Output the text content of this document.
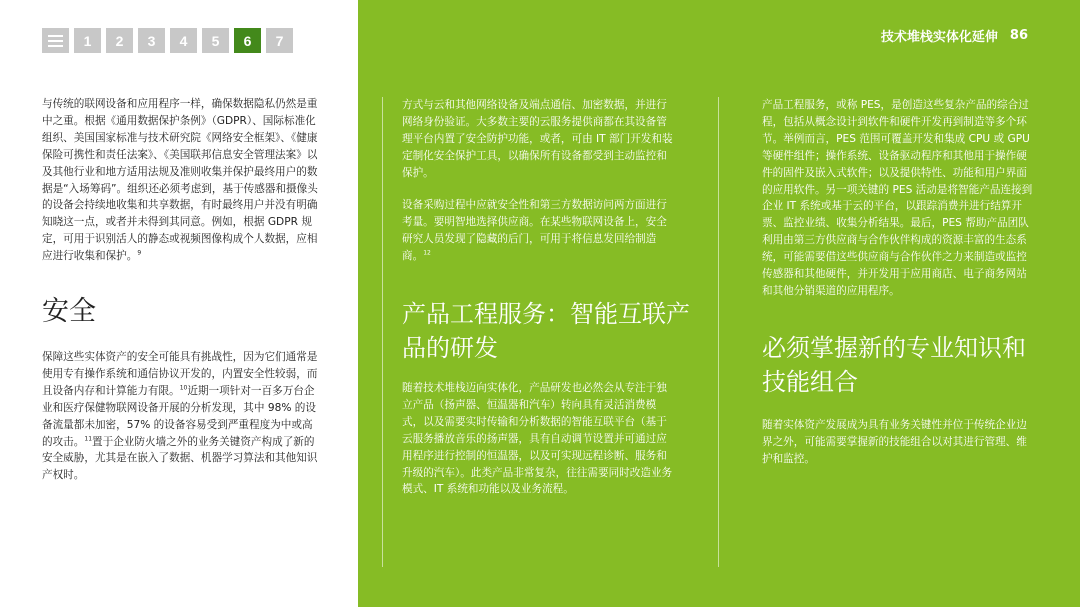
1	2	3	4	5	6	7	技术堆栈实体化延伸 86

与传统的联网设备和应用程序一样，确保数据隐私仍然是重中之重。根据《通用数据保护条例》（GDPR）、国际标准化组织、美国国家标准与技术研究院《网络安全框架》、《健康保险可携性和责任法案》、《美国联邦信息安全管理法案》以及其他行业和地方适用法规及准则收集并保护最终用户的数据是“入场筹码”。组织还必须考虑到，基于传感器和摄像头的设备会持续地收集和共享数据，有时最终用户并没有明确知晓这一点，或者并未得到其同意。例如，根据 GDPR 规定，可用于识别活人的静态或视频图像构成个人数据，应相应进行收集和保护。$^9$

安全

保障这些实体资产的安全可能具有挑战性，因为它们通常是使用专有操作系统和通信协议开发的，内置安全性较弱，而且设备内存和计算能力有限。$^{10}$近期一项针对一百多万台企业和医疗保健物联网设备开展的分析发现，其中 98% 的设备流量都未加密，57% 的设备容易受到严重程度为中或高的攻击。$^{11}$置于企业防火墙之外的业务关键资产构成了新的安全威胁，尤其是在嵌入了数据、机器学习算法和其他知识产权时。

方式与云和其他网络设备及端点通信、加密数据，并进行网络身份验证。大多数主要的云服务提供商都在其设备管理平台内置了安全防护功能，或者，可由 IT 部门开发和装定制化安全保护工具，以确保所有设备都受到主动监控和保护。

设备采购过程中应就安全性和第三方数据访问两方面进行考量。要明智地选择供应商。在某些物联网设备上，安全研究人员发现了隐藏的后门，可用于将信息发回给制造商。$^{12}$

产品工程服务：智能互联产品的研发

随着技术堆栈迈向实体化，产品研发也必然会从专注于独立产品（扬声器、恒温器和汽车）转向具有灵活消费模式，以及需要实时传输和分析数据的智能互联平台（基于云服务播放音乐的扬声器，具有自动调节设置并可通过应用程序进行控制的恒温器，以及可实现远程诊断、服务和升级的汽车）。此类产品非常复杂，往往需要同时改造业务模式、IT 系统和功能以及业务流程。

产品工程服务，或称 PES，是创造这些复杂产品的综合过程，包括从概念设计到软件和硬件开发再到制造等多个环节。举例而言，PES 范围可覆盖开发和集成 CPU 或 GPU 等硬件组件；操作系统、设备驱动程序和其他用于操作硬件的固件及嵌入式软件；以及提供特性、功能和用户界面的应用软件。另一项关键的 PES 活动是将智能产品连接到企业 IT 系统或基于云的平台，以跟踪消费并进行结算开票、监控业绩、收集分析结果。最后，PES 帮助产品团队利用由第三方供应商与合作伙伴构成的资源丰富的生态系统，可能需要借这些供应商与合作伙伴之力来制造或监控传感器和其他硬件，并开发用于应用商店、电子商务网站和其他分销渠道的应用程序。

必须掌握新的专业知识和技能组合

随着实体资产发展成为具有业务关键性并位于传统企业边界之外，可能需要掌握新的技能组合以对其进行管理、维护和监控。
